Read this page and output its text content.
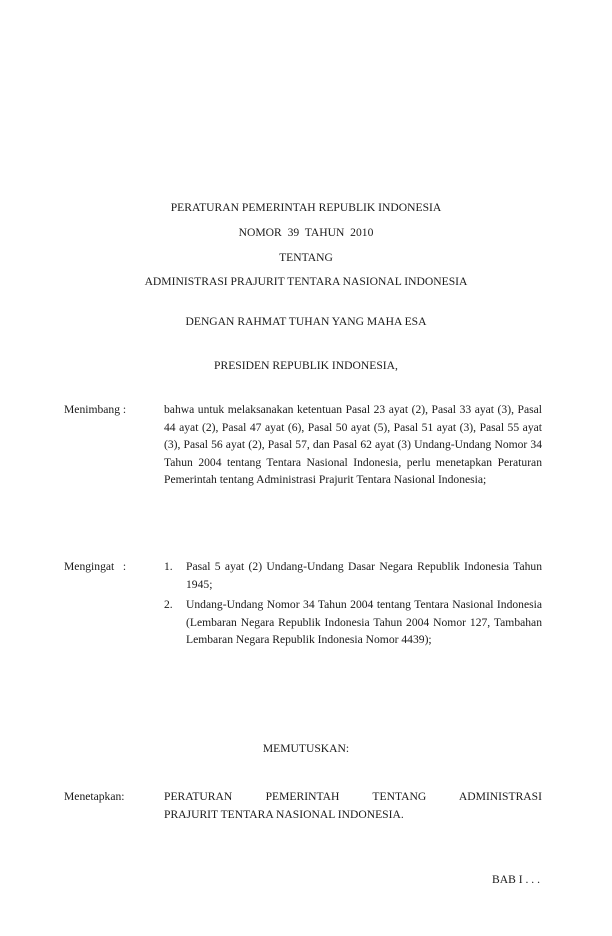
PERATURAN PEMERINTAH REPUBLIK INDONESIA
NOMOR  39  TAHUN  2010
TENTANG
ADMINISTRASI PRAJURIT TENTARA NASIONAL INDONESIA
DENGAN RAHMAT TUHAN YANG MAHA ESA
PRESIDEN REPUBLIK INDONESIA,
Menimbang :	bahwa untuk melaksanakan ketentuan Pasal 23 ayat (2), Pasal 33 ayat (3), Pasal 44 ayat (2), Pasal 47 ayat (6), Pasal 50 ayat (5), Pasal 51 ayat (3), Pasal 55 ayat (3), Pasal 56 ayat (2), Pasal 57, dan Pasal 62 ayat (3) Undang-Undang Nomor 34 Tahun 2004 tentang Tentara Nasional Indonesia, perlu menetapkan Peraturan Pemerintah tentang Administrasi Prajurit Tentara Nasional Indonesia;
Mengingat   :	1. Pasal 5 ayat (2) Undang-Undang Dasar Negara Republik Indonesia Tahun 1945;
2. Undang-Undang Nomor 34 Tahun 2004 tentang Tentara Nasional Indonesia (Lembaran Negara Republik Indonesia Tahun 2004 Nomor 127, Tambahan Lembaran Negara Republik Indonesia Nomor 4439);
MEMUTUSKAN:
Menetapkan:	PERATURAN PEMERINTAH TENTANG ADMINISTRASI
PRAJURIT TENTARA NASIONAL INDONESIA.
BAB I . . .
